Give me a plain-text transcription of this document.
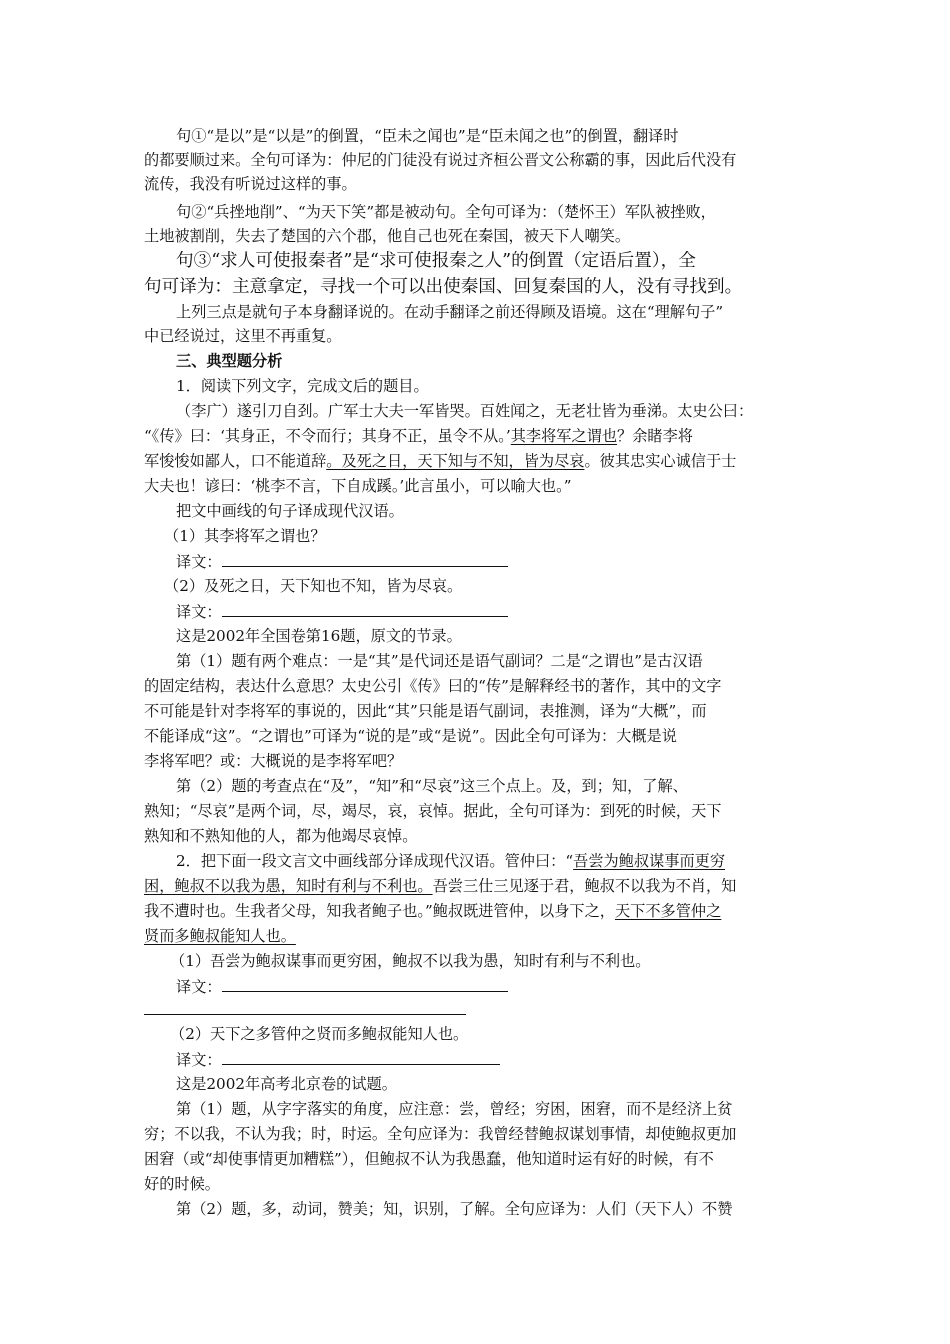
句①“是以”是“以是”的倒置，“臣未之闻也”是“臣未闻之也”的倒置，翻译时
的都要顺过来。全句可译为：仲尼的门徒没有说过齐桓公晋文公称霸的事，因此后代没有
流传，我没有听说过这样的事。
句②“兵挫地削”、“为天下笑”都是被动句。全句可译为：（楚怀王）军队被挫败，
土地被割削，失去了楚国的六个郡，他自己也死在秦国，被天下人嘲笑。
句③“求人可使报秦者”是“求可使报秦之人”的倒置（定语后置），全
句可译为：主意拿定，寻找一个可以出使秦国、回复秦国的人，没有寻找到。
上列三点是就句子本身翻译说的。在动手翻译之前还得顾及语境。这在“理解句子”
中已经说过，这里不再重复。
三、典型题分析
1．阅读下列文字，完成文后的题目。
（李广）遂引刀自刭。广军士大夫一军皆哭。百姓闻之，无老壮皆为垂涕。太史公曰：
“《传》曰：‘其身正，不令而行；其身不正，虽令不从。’其李将军之谓也？余睹李将
军悛悛如鄙人，口不能道辞。及死之日，天下知与不知，皆为尽哀。彼其忠实心诚信于士
大夫也！谚曰：‘桃李不言，下自成蹊。’此言虽小，可以喻大也。”
把文中画线的句子译成现代汉语。
（1）其李将军之谓也？
译文：
（2）及死之日，天下知也不知，皆为尽哀。
译文：
这是2002年全国卷第16题，原文的节录。
第（1）题有两个难点：一是“其”是代词还是语气副词？二是“之谓也”是古汉语
的固定结构，表达什么意思？太史公引《传》曰的“传”是解释经书的著作，其中的文字
不可能是针对李将军的事说的，因此“其”只能是语气副词，表推测，译为“大概”，而
不能译成“这”。“之谓也”可译为“说的是”或“是说”。因此全句可译为：大概是说
李将军吧？或：大概说的是李将军吧？
第（2）题的考查点在“及”，“知”和“尽哀”这三个点上。及，到；知，了解、
熟知；“尽哀”是两个词，尽，竭尽，哀，哀悼。据此，全句可译为：到死的时候，天下
熟知和不熟知他的人，都为他竭尽哀悼。
2．把下面一段文言文中画线部分译成现代汉语。管仲曰：“吾尝为鲍叔谋事而更穷
困，鲍叔不以我为愚，知时有利与不利也。吾尝三仕三见逐于君，鲍叔不以我为不肖，知
我不遭时也。生我者父母，知我者鲍子也。”鲍叔既进管仲，以身下之，天下不多管仲之
贤而多鲍叔能知人也。
（1）吾尝为鲍叔谋事而更穷困，鲍叔不以我为愚，知时有利与不利也。
译文：
（2）天下之多管仲之贤而多鲍叔能知人也。
译文：
这是2002年高考北京卷的试题。
第（1）题，从字字落实的角度，应注意：尝，曾经；穷困，困窘，而不是经济上贫
穷；不以我，不认为我；时，时运。全句应译为：我曾经替鲍叔谋划事情，却使鲍叔更加
困窘（或“却使事情更加糟糕”），但鲍叔不认为我愚蠢，他知道时运有好的时候，有不
好的时候。
第（2）题，多，动词，赞美；知，识别，了解。全句应译为：人们（天下人）不赞
